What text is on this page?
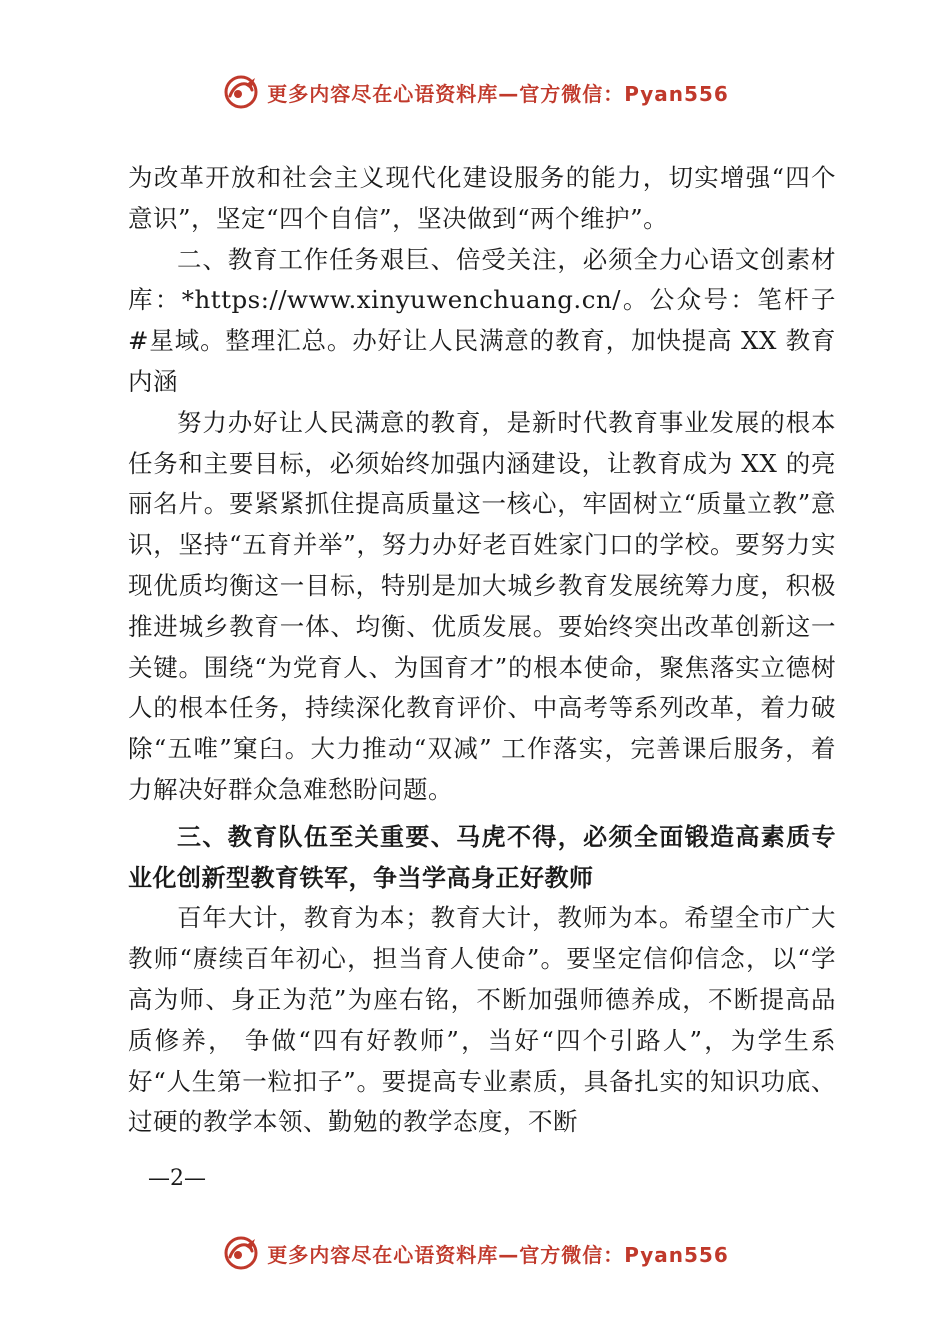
更多内容尽在心语资料库—官方微信：Pyan556

为改革开放和社会主义现代化建设服务的能力，切实增强“四个意识”，坚定“四个自信”，坚决做到“两个维护”。

二、教育工作任务艰巨、倍受关注，必须全力心语文创素材库：*https://www.xinyuwenchuang.cn/。公众号：笔杆子#星域。整理汇总。办好让人民满意的教育，加快提高 XX 教育内涵

努力办好让人民满意的教育，是新时代教育事业发展的根本任务和主要目标，必须始终加强内涵建设，让教育成为 XX 的亮丽名片。要紧紧抓住提高质量这一核心，牢固树立“质量立教”意识，坚持“五育并举”，努力办好老百姓家门口的学校。要努力实现优质均衡这一目标，特别是加大城乡教育发展统筹力度，积极推进城乡教育一体、均衡、优质发展。要始终突出改革创新这一关键。围绕“为党育人、为国育才”的根本使命，聚焦落实立德树人的根本任务，持续深化教育评价、中高考等系列改革，着力破除“五唯”窠臼。大力推动“双减” 工作落实，完善课后服务，着力解决好群众急难愁盼问题。

三、教育队伍至关重要、马虎不得，必须全面锻造高素质专业化创新型教育铁军，争当学高身正好教师

百年大计，教育为本；教育大计，教师为本。希望全市广大教师“赓续百年初心，担当育人使命”。要坚定信仰信念，以“学高为师、身正为范”为座右铭，不断加强师德养成，不断提高品质修养， 争做“四有好教师”，当好“四个引路人”，为学生系好“人生第一粒扣子”。要提高专业素质，具备扎实的知识功底、过硬的教学本领、勤勉的教学态度，不断

—2—
更多内容尽在心语资料库—官方微信：Pyan556
